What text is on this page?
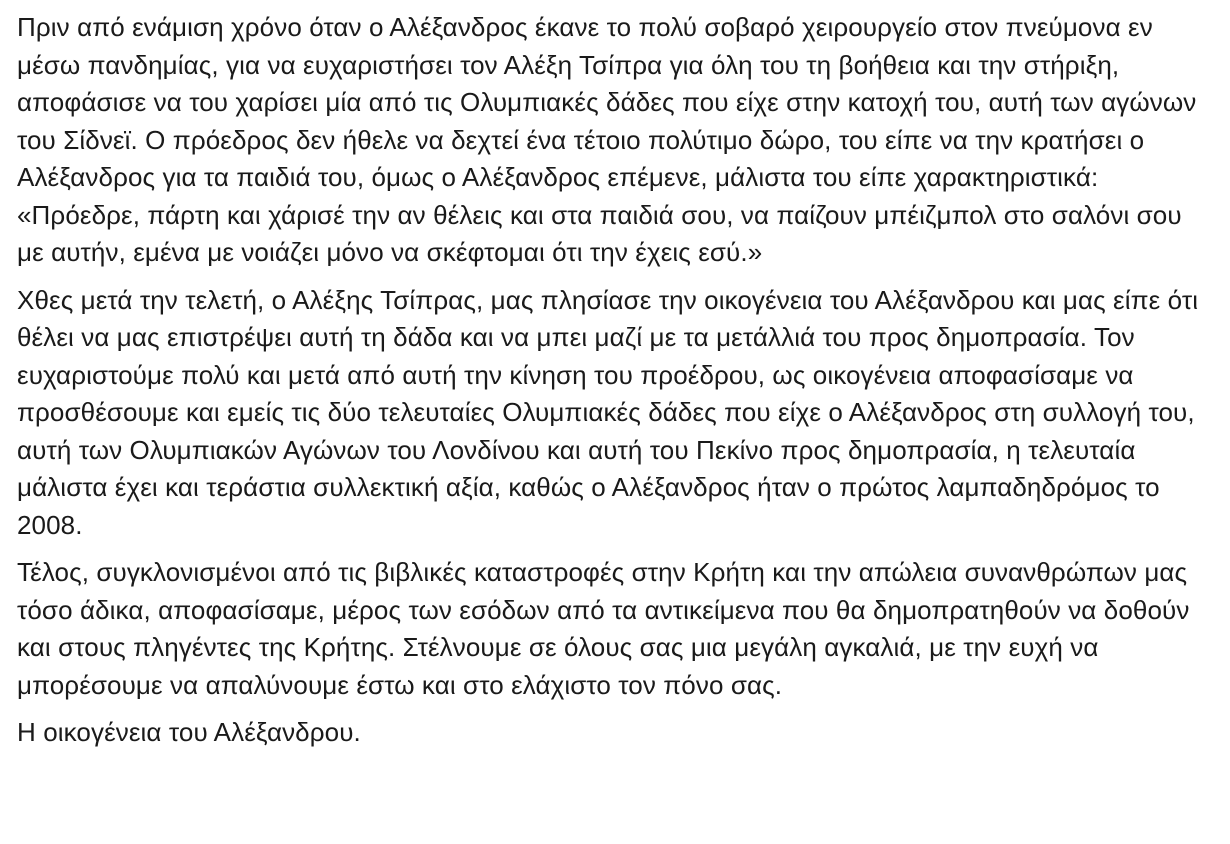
Πριν από ενάμιση χρόνο όταν ο Αλέξανδρος έκανε το πολύ σοβαρό χειρουργείο στον πνεύμονα εν μέσω πανδημίας, για να ευχαριστήσει τον Αλέξη Τσίπρα για όλη του τη βοήθεια και την στήριξη, αποφάσισε να του χαρίσει μία από τις Ολυμπιακές δάδες που είχε στην κατοχή του, αυτή των αγώνων του Σίδνεϊ. Ο πρόεδρος δεν ήθελε να δεχτεί ένα τέτοιο πολύτιμο δώρο, του είπε να την κρατήσει ο Αλέξανδρος για τα παιδιά του, όμως ο Αλέξανδρος επέμενε, μάλιστα του είπε χαρακτηριστικά: «Πρόεδρε, πάρτη και χάρισέ την αν θέλεις και στα παιδιά σου, να παίζουν μπέιζμπολ στο σαλόνι σου με αυτήν, εμένα με νοιάζει μόνο να σκέφτομαι ότι την έχεις εσύ.»

Χθες μετά την τελετή, ο Αλέξης Τσίπρας, μας πλησίασε την οικογένεια του Αλέξανδρου και μας είπε ότι θέλει να μας επιστρέψει αυτή τη δάδα και να μπει μαζί με τα μετάλλιά του προς δημοπρασία. Τον ευχαριστούμε πολύ και μετά από αυτή την κίνηση του προέδρου, ως οικογένεια αποφασίσαμε να προσθέσουμε και εμείς τις δύο τελευταίες Ολυμπιακές δάδες που είχε ο Αλέξανδρος στη συλλογή του, αυτή των Ολυμπιακών Αγώνων του Λονδίνου και αυτή του Πεκίνο προς δημοπρασία, η τελευταία μάλιστα έχει και τεράστια συλλεκτική αξία, καθώς ο Αλέξανδρος ήταν ο πρώτος λαμπαδηδρόμος το 2008.

Τέλος, συγκλονισμένοι από τις βιβλικές καταστροφές στην Κρήτη και την απώλεια συνανθρώπων μας τόσο άδικα, αποφασίσαμε, μέρος των εσόδων από τα αντικείμενα που θα δημοπρατηθούν να δοθούν και στους πληγέντες της Κρήτης. Στέλνουμε σε όλους σας μια μεγάλη αγκαλιά, με την ευχή να μπορέσουμε να απαλύνουμε έστω και στο ελάχιστο τον πόνο σας.

Η οικογένεια του Αλέξανδρου.
